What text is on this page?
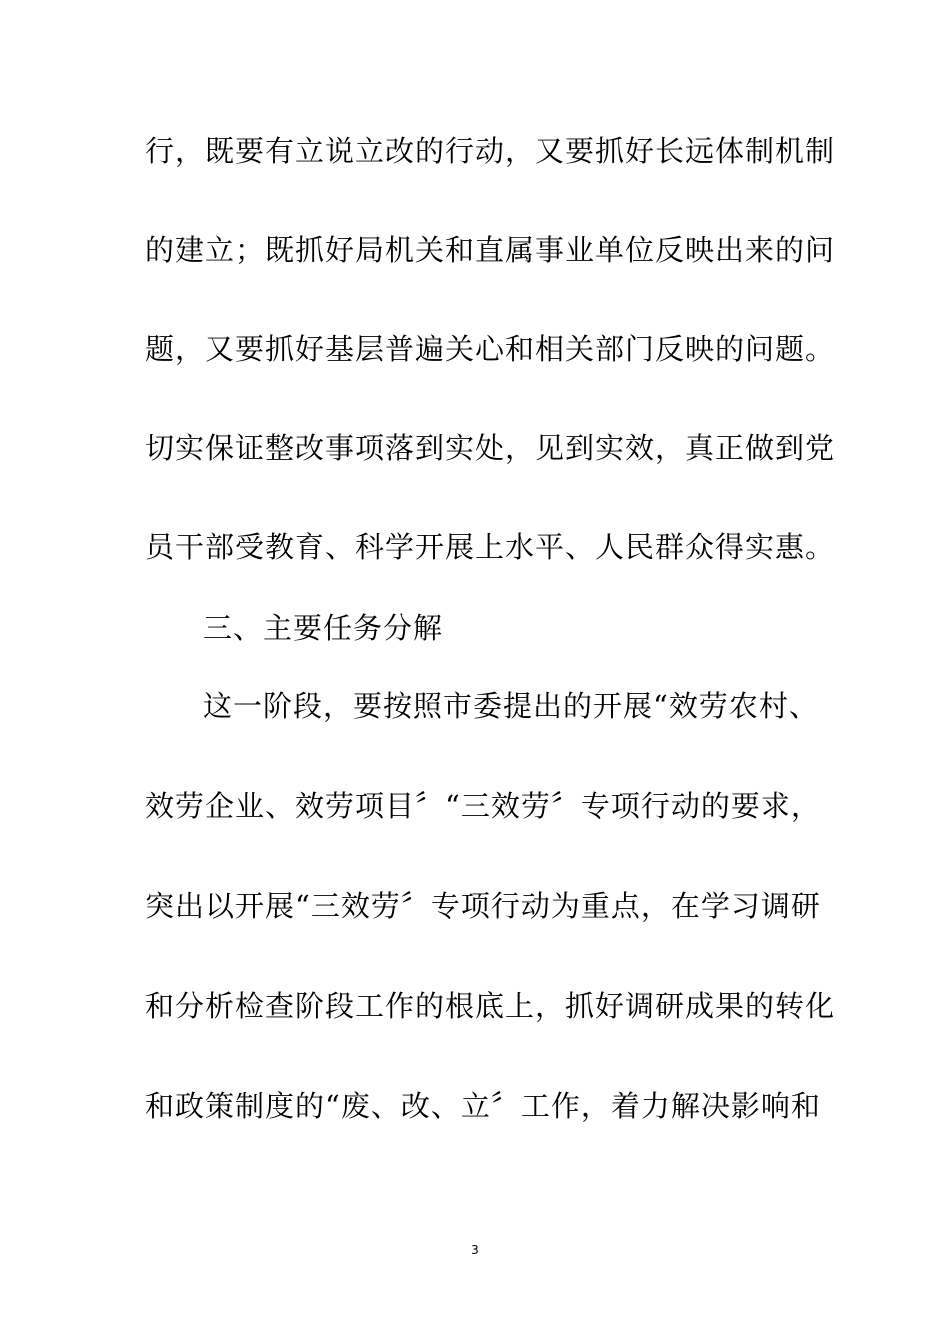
行，既要有立说立改的行动，又要抓好长远体制机制
的建立；既抓好局机关和直属事业单位反映出来的问
题，又要抓好基层普遍关心和相关部门反映的问题。
切实保证整改事项落到实处，见到实效，真正做到党
员干部受教育、科学开展上水平、人民群众得实惠。
三、主要任务分解
这一阶段，要按照市委提出的开展“效劳农村、
效劳企业、效劳项目〞“三效劳〞专项行动的要求，
突出以开展“三效劳〞专项行动为重点，在学习调研
和分析检查阶段工作的根底上，抓好调研成果的转化
和政策制度的“废、改、立〞工作，着力解决影响和
3
